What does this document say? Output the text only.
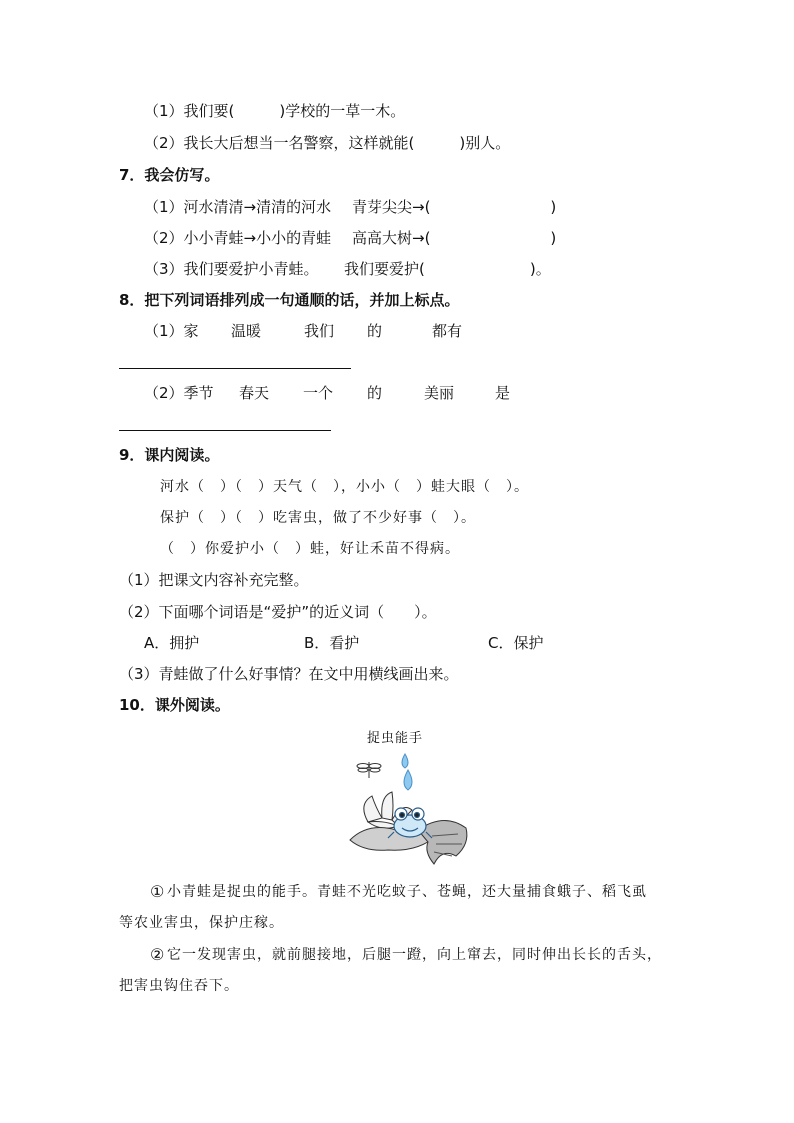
（1）我们要(　　　)学校的一草一木。
（2）我长大后想当一名警察，这样就能(　　　)别人。
7．我会仿写。
（1）河水清清→清清的河水 青芽尖尖→(　　　　　　　　)
（2）小小青蛙→小小的青蛙 高高大树→(　　　　　　　　)
（3）我们要爱护小青蛙。 我们要爱护(　　　　　　　)。
8．把下列词语排列成一句通顺的话，并加上标点。
（1）家 温暖	我们 的	都有
（2）季节 春天 一个 的	美丽	是
9．课内阅读。
河水（　）（　）天气（　），小小（　）蛙大眼（　）。
保护（　）（　）吃害虫，做了不少好事（　）。
（　）你爱护小（　）蛙，好让禾苗不得病。
（1）把课文内容补充完整。
（2）下面哪个词语是“爱护”的近义词（　　）。
A．拥护	B．看护	C．保护
（3）青蛙做了什么好事情？在文中用横线画出来。
10．课外阅读。
捉虫能手
① 小青蛙是捉虫的能手。青蛙不光吃蚊子、苍蝇，还大量捕食蛾子、稻飞虱
等农业害虫，保护庄稼。
② 它一发现害虫，就前腿接地，后腿一蹬，向上窜去，同时伸出长长的舌头，
把害虫钩住吞下。
